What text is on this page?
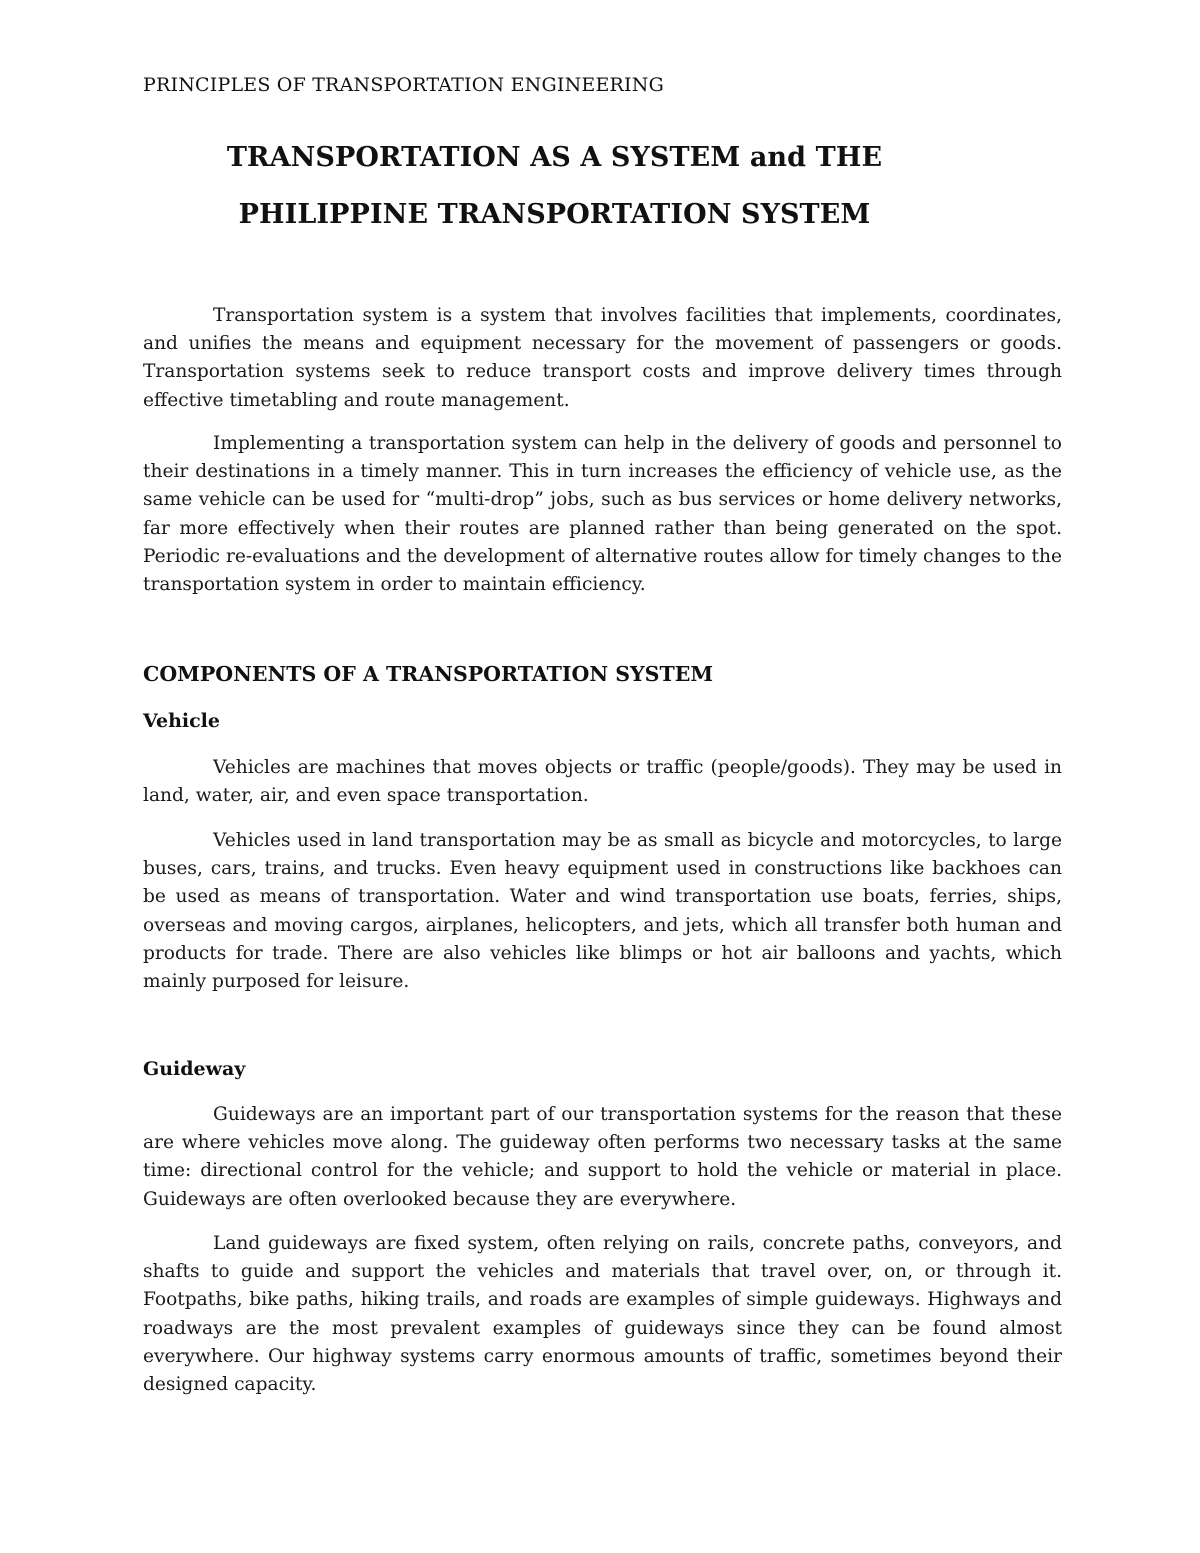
PRINCIPLES OF TRANSPORTATION ENGINEERING
TRANSPORTATION AS A SYSTEM and THE
PHILIPPINE TRANSPORTATION SYSTEM

Transportation system is a system that involves facilities that implements, coordinates, and unifies the means and equipment necessary for the movement of passengers or goods. Transportation systems seek to reduce transport costs and improve delivery times through effective timetabling and route management.

Implementing a transportation system can help in the delivery of goods and personnel to their destinations in a timely manner. This in turn increases the efficiency of vehicle use, as the same vehicle can be used for “multi-drop” jobs, such as bus services or home delivery networks, far more effectively when their routes are planned rather than being generated on the spot. Periodic re-evaluations and the development of alternative routes allow for timely changes to the transportation system in order to maintain efficiency.

COMPONENTS OF A TRANSPORTATION SYSTEM
Vehicle

Vehicles are machines that moves objects or traffic (people/goods). They may be used in land, water, air, and even space transportation.

Vehicles used in land transportation may be as small as bicycle and motorcycles, to large buses, cars, trains, and trucks. Even heavy equipment used in constructions like backhoes can be used as means of transportation. Water and wind transportation use boats, ferries, ships, overseas and moving cargos, airplanes, helicopters, and jets, which all transfer both human and products for trade. There are also vehicles like blimps or hot air balloons and yachts, which mainly purposed for leisure.

Guideway

Guideways are an important part of our transportation systems for the reason that these are where vehicles move along. The guideway often performs two necessary tasks at the same time: directional control for the vehicle; and support to hold the vehicle or material in place. Guideways are often overlooked because they are everywhere.

Land guideways are fixed system, often relying on rails, concrete paths, conveyors, and shafts to guide and support the vehicles and materials that travel over, on, or through it. Footpaths, bike paths, hiking trails, and roads are examples of simple guideways. Highways and roadways are the most prevalent examples of guideways since they can be found almost everywhere. Our highway systems carry enormous amounts of traffic, sometimes beyond their designed capacity.
